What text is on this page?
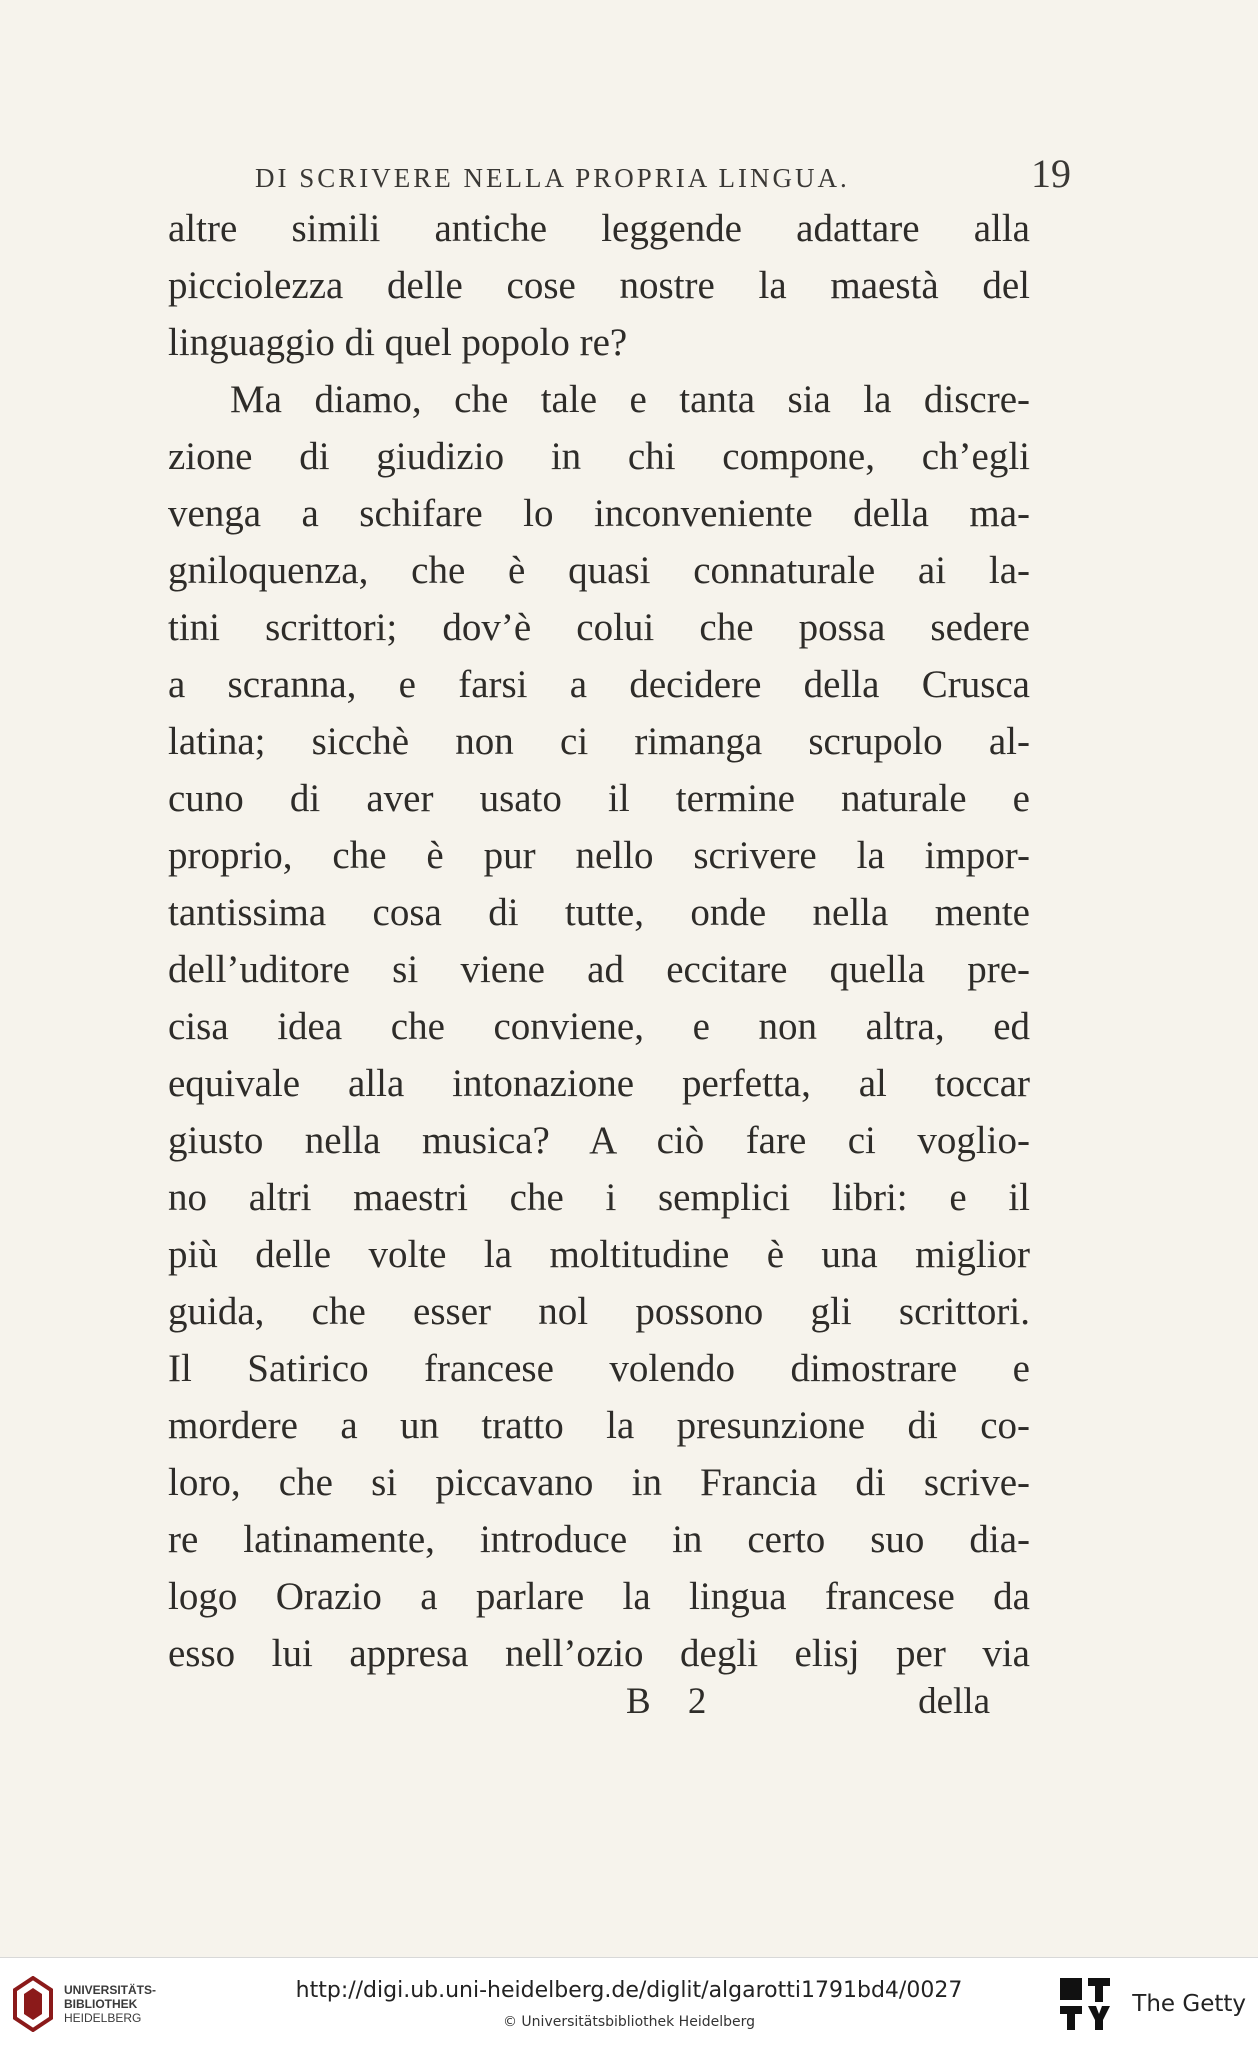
DI SCRIVERE NELLA PROPRIA LINGUA.	19
altre simili antiche leggende adattare alla
picciolezza delle cose nostre la maestà del
linguaggio di quel popolo re?
Ma diamo, che tale e tanta sia la discre-
zione di giudizio in chi compone, ch’egli
venga a schifare lo inconveniente della ma-
gniloquenza, che è quasi connaturale ai la-
tini scrittori; dov’è colui che possa sedere
a scranna, e farsi a decidere della Crusca
latina; sicchè non ci rimanga scrupolo al-
cuno di aver usato il termine naturale e
proprio, che è pur nello scrivere la impor-
tantissima cosa di tutte, onde nella mente
dell’uditore si viene ad eccitare quella pre-
cisa idea che conviene, e non altra, ed
equivale alla intonazione perfetta, al toccar
giusto nella musica? A ciò fare ci voglio-
no altri maestri che i semplici libri: e il
più delle volte la moltitudine è una miglior
guida, che esser nol possono gli scrittori.
Il Satirico francese volendo dimostrare e
mordere a un tratto la presunzione di co-
loro, che si piccavano in Francia di scrive-
re latinamente, introduce in certo suo dia-
logo Orazio a parlare la lingua francese da
esso lui appresa nell’ozio degli elisj per via
B 2	della
UNIVERSITÄTS-
BIBLIOTHEK
HEIDELBERG
http://digi.ub.uni-heidelberg.de/diglit/algarotti1791bd4/0027
© Universitätsbibliothek Heidelberg
The Getty
